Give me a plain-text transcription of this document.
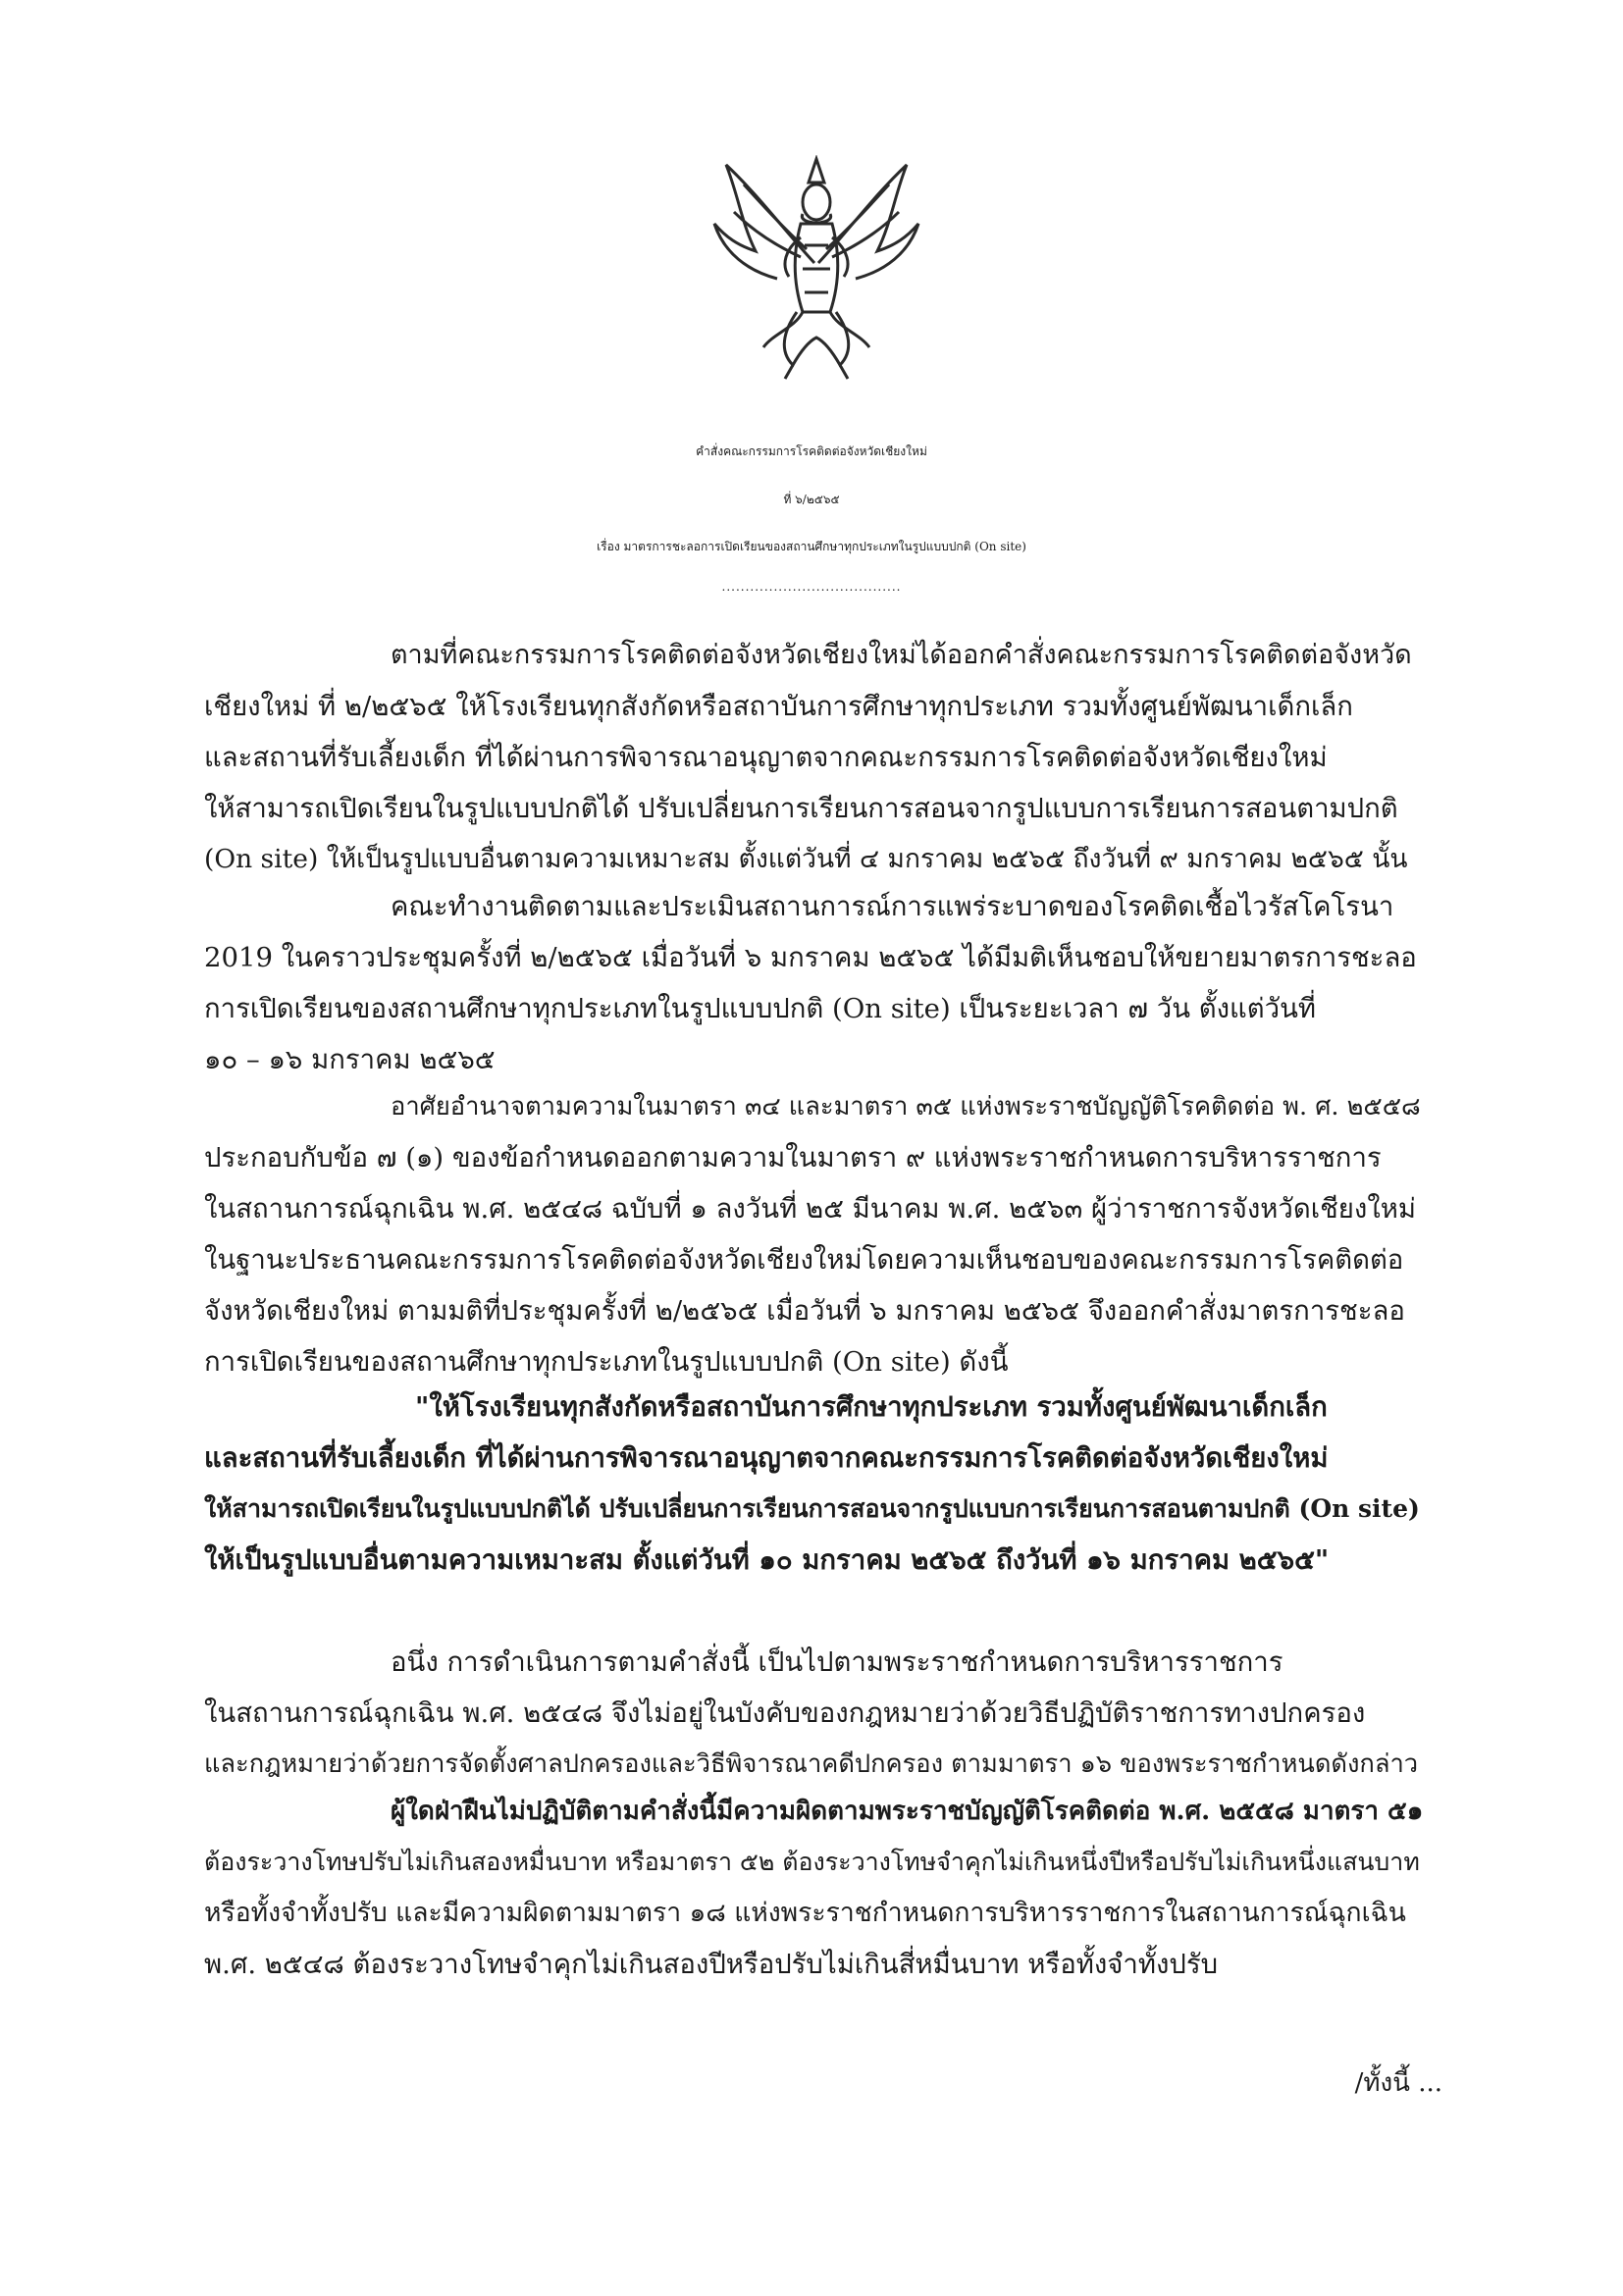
คำสั่งคณะกรรมการโรคติดต่อจังหวัดเชียงใหม่
ที่ ๖/๒๕๖๕
เรื่อง มาตรการชะลอการเปิดเรียนของสถานศึกษาทุกประเภทในรูปแบบปกติ (On site)
......................................
ตามที่คณะกรรมการโรคติดต่อจังหวัดเชียงใหม่ได้ออกคำสั่งคณะกรรมการโรคติดต่อจังหวัด
เชียงใหม่ ที่ ๒/๒๕๖๕ ให้โรงเรียนทุกสังกัดหรือสถาบันการศึกษาทุกประเภท รวมทั้งศูนย์พัฒนาเด็กเล็ก
และสถานที่รับเลี้ยงเด็ก ที่ได้ผ่านการพิจารณาอนุญาตจากคณะกรรมการโรคติดต่อจังหวัดเชียงใหม่
ให้สามารถเปิดเรียนในรูปแบบปกติได้ ปรับเปลี่ยนการเรียนการสอนจากรูปแบบการเรียนการสอนตามปกติ
(On site) ให้เป็นรูปแบบอื่นตามความเหมาะสม ตั้งแต่วันที่ ๔ มกราคม ๒๕๖๕ ถึงวันที่ ๙ มกราคม ๒๕๖๕ นั้น
คณะทำงานติดตามและประเมินสถานการณ์การแพร่ระบาดของโรคติดเชื้อไวรัสโคโรนา
2019 ในคราวประชุมครั้งที่ ๒/๒๕๖๕ เมื่อวันที่ ๖ มกราคม ๒๕๖๕ ได้มีมติเห็นชอบให้ขยายมาตรการชะลอ
การเปิดเรียนของสถานศึกษาทุกประเภทในรูปแบบปกติ (On site) เป็นระยะเวลา ๗ วัน ตั้งแต่วันที่
๑๐ – ๑๖ มกราคม ๒๕๖๕
อาศัยอำนาจตามความในมาตรา ๓๔ และมาตรา ๓๕ แห่งพระราชบัญญัติโรคติดต่อ พ. ศ. ๒๕๕๘
ประกอบกับข้อ ๗ (๑) ของข้อกำหนดออกตามความในมาตรา ๙ แห่งพระราชกำหนดการบริหารราชการ
ในสถานการณ์ฉุกเฉิน พ.ศ. ๒๕๔๘ ฉบับที่ ๑ ลงวันที่ ๒๕ มีนาคม พ.ศ. ๒๕๖๓ ผู้ว่าราชการจังหวัดเชียงใหม่
ในฐานะประธานคณะกรรมการโรคติดต่อจังหวัดเชียงใหม่โดยความเห็นชอบของคณะกรรมการโรคติดต่อ
จังหวัดเชียงใหม่ ตามมติที่ประชุมครั้งที่ ๒/๒๕๖๕ เมื่อวันที่ ๖ มกราคม ๒๕๖๕ จึงออกคำสั่งมาตรการชะลอ
การเปิดเรียนของสถานศึกษาทุกประเภทในรูปแบบปกติ (On site) ดังนี้
"ให้โรงเรียนทุกสังกัดหรือสถาบันการศึกษาทุกประเภท รวมทั้งศูนย์พัฒนาเด็กเล็ก
และสถานที่รับเลี้ยงเด็ก ที่ได้ผ่านการพิจารณาอนุญาตจากคณะกรรมการโรคติดต่อจังหวัดเชียงใหม่
ให้สามารถเปิดเรียนในรูปแบบปกติได้ ปรับเปลี่ยนการเรียนการสอนจากรูปแบบการเรียนการสอนตามปกติ (On site)
ให้เป็นรูปแบบอื่นตามความเหมาะสม ตั้งแต่วันที่ ๑๐ มกราคม ๒๕๖๕ ถึงวันที่ ๑๖ มกราคม ๒๕๖๕"
อนึ่ง การดำเนินการตามคำสั่งนี้ เป็นไปตามพระราชกำหนดการบริหารราชการ
ในสถานการณ์ฉุกเฉิน พ.ศ. ๒๕๔๘ จึงไม่อยู่ในบังคับของกฎหมายว่าด้วยวิธีปฏิบัติราชการทางปกครอง
และกฎหมายว่าด้วยการจัดตั้งศาลปกครองและวิธีพิจารณาคดีปกครอง ตามมาตรา ๑๖ ของพระราชกำหนดดังกล่าว
ผู้ใดฝ่าฝืนไม่ปฏิบัติตามคำสั่งนี้มีความผิดตามพระราชบัญญัติโรคติดต่อ พ.ศ. ๒๕๕๘ มาตรา ๕๑
ต้องระวางโทษปรับไม่เกินสองหมื่นบาท หรือมาตรา ๕๒ ต้องระวางโทษจำคุกไม่เกินหนึ่งปีหรือปรับไม่เกินหนึ่งแสนบาท
หรือทั้งจำทั้งปรับ และมีความผิดตามมาตรา ๑๘ แห่งพระราชกำหนดการบริหารราชการในสถานการณ์ฉุกเฉิน
พ.ศ. ๒๕๔๘ ต้องระวางโทษจำคุกไม่เกินสองปีหรือปรับไม่เกินสี่หมื่นบาท หรือทั้งจำทั้งปรับ
/ทั้งนี้ ...
